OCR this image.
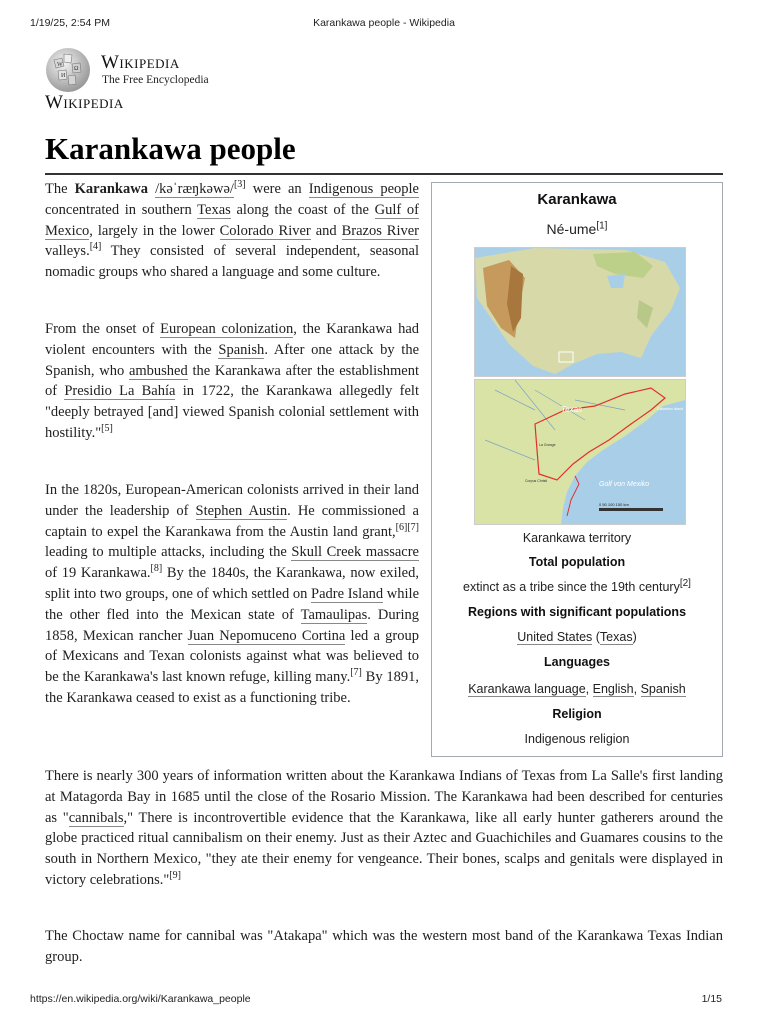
1/19/25, 2:54 PM	Karankawa people - Wikipedia
W
Ω
И
Wikipedia
The Free Encyclopedia
Wikipedia
Karankawa people

The Karankawa /kəˈræŋkəwə/[3] were an Indigenous people concentrated in southern Texas along the coast of the Gulf of Mexico, largely in the lower Colorado River and Brazos River valleys.[4] They consisted of several independent, seasonal nomadic groups who shared a language and some culture.

From the onset of European colonization, the Karankawa had violent encounters with the Spanish. After one attack by the Spanish, who ambushed the Karankawa after the establishment of Presidio La Bahía in 1722, the Karankawa allegedly felt "deeply betrayed [and] viewed Spanish colonial settlement with hostility."[5]

In the 1820s, European-American colonists arrived in their land under the leadership of Stephen Austin. He commissioned a captain to expel the Karankawa from the Austin land grant,[6][7] leading to multiple attacks, including the Skull Creek massacre of 19 Karankawa.[8] By the 1840s, the Karankawa, now exiled, split into two groups, one of which settled on Padre Island while the other fled into the Mexican state of Tamaulipas. During 1858, Mexican rancher Juan Nepomuceno Cortina led a group of Mexicans and Texan colonists against what was believed to be the Karankawa's last known refuge, killing many.[7] By 1891, the Karankawa ceased to exist as a functioning tribe.

There is nearly 300 years of information written about the Karankawa Indians of Texas from La Salle's first landing at Matagorda Bay in 1685 until the close of the Rosario Mission. The Karankawa had been described for centuries as "cannibals," There is incontrovertible evidence that the Karankawa, like all early hunter gatherers around the globe practiced ritual cannibalism on their enemy. Just as their Aztec and Guachichiles and Guamares cousins to the south in Northern Mexico, "they ate their enemy for vengeance. Their bones, scalps and genitals were displayed in victory celebrations."[9]

The Choctaw name for cannibal was "Atakapa" which was the western most band of the Karankawa Texas Indian group.

Karankawa
Né-ume[1]
Texas
Golf von Mexiko
Galveston Island
La Grange
Corpus Christi
0 50 100 150 km
Karankawa territory
Total population
extinct as a tribe since the 19th century[2]
Regions with significant populations
United States (Texas)
Languages
Karankawa language, English, Spanish
Religion
Indigenous religion
https://en.wikipedia.org/wiki/Karankawa_people	1/15
